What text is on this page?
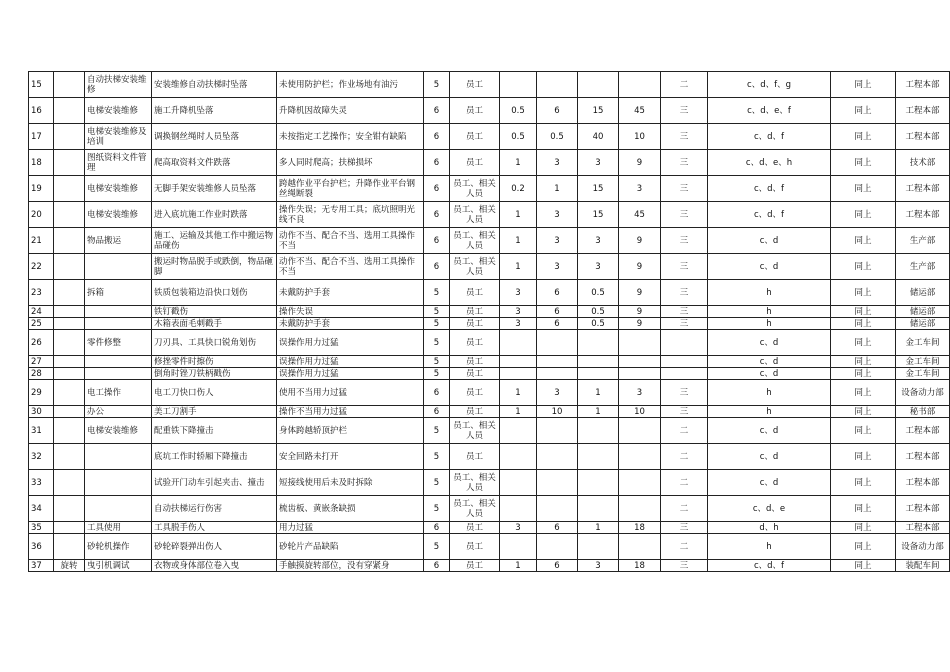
15		自动扶梯安装维修	安装维修自动扶梯时坠落	未使用防护栏；作业场地有油污	5	员工					二	c、d、f、g	同上	工程本部
16		电梯安装维修	施工升降机坠落	升降机因故障失灵	6	员工	0.5	6	15	45	三	c、d、e、f	同上	工程本部
17		电梯安装维修及培训	调换钢丝绳时人员坠落	未按指定工艺操作；安全钳有缺陷	6	员工	0.5	0.5	40	10	三	c、d、f	同上	工程本部
18		图纸资料文件管理	爬高取资料文件跌落	多人同时爬高；扶梯损坏	6	员工	1	3	3	9	三	c、d、e、h	同上	技术部
19		电梯安装维修	无脚手架安装维修人员坠落	跨越作业平台护栏；升降作业平台钢丝绳断裂	6	员工、相关人员	0.2	1	15	3	三	c、d、f	同上	工程本部
20		电梯安装维修	进入底坑施工作业时跌落	操作失误；无专用工具；底坑照明光线不良	6	员工、相关人员	1	3	15	45	三	c、d、f	同上	工程本部
21		物品搬运	施工、运输及其他工作中搬运物品碰伤	动作不当、配合不当、选用工具操作不当	6	员工、相关人员	1	3	3	9	三	c、d	同上	生产部
22			搬运时物品脱手或跌倒，物品砸脚	动作不当、配合不当、选用工具操作不当	6	员工、相关人员	1	3	3	9	三	c、d	同上	生产部
23		拆箱	铁质包装箱边沿快口划伤	未戴防护手套	5	员工	3	6	0.5	9	三	h	同上	储运部
24			铁钉戳伤	操作失误	5	员工	3	6	0.5	9	三	h	同上	储运部
25			木箱表面毛刺戳手	未戴防护手套	5	员工	3	6	0.5	9	三	h	同上	储运部
26		零件修整	刀刃具、工具快口锐角划伤	误操作用力过猛	5	员工						c、d	同上	金工车间
27			修挫零件时擦伤	误操作用力过猛	5	员工						c、d	同上	金工车间
28			倒角时锉刀铁柄戳伤	误操作用力过猛	5	员工						c、d	同上	金工车间
29		电工操作	电工刀快口伤人	使用不当用力过猛	6	员工	1	3	1	3	三	h	同上	设备动力部
30		办公	美工刀割手	操作不当用力过猛	6	员工	1	10	1	10	三	h	同上	秘书部
31		电梯安装维修	配重铁下降撞击	身体跨越轿顶护栏	5	员工、相关人员					二	c、d	同上	工程本部
32			底坑工作时轿厢下降撞击	安全回路未打开	5	员工					二	c、d	同上	工程本部
33			试验开门动车引起夹击、撞击	短接线使用后未及时拆除	5	员工、相关人员					二	c、d	同上	工程本部
34			自动扶梯运行伤害	梳齿板、黄嵌条缺损	5	员工、相关人员					二	c、d、e	同上	工程本部
35		工具使用	工具脱手伤人	用力过猛	6	员工	3	6	1	18	三	d、h	同上	工程本部
36		砂轮机操作	砂轮碎裂弹出伤人	砂轮片产品缺陷	5	员工					二	h	同上	设备动力部
37	旋转	曳引机调试	衣物或身体部位卷入曳	手触摸旋转部位，没有穿紧身	6	员工	1	6	3	18	三	c、d、f	同上	装配车间
